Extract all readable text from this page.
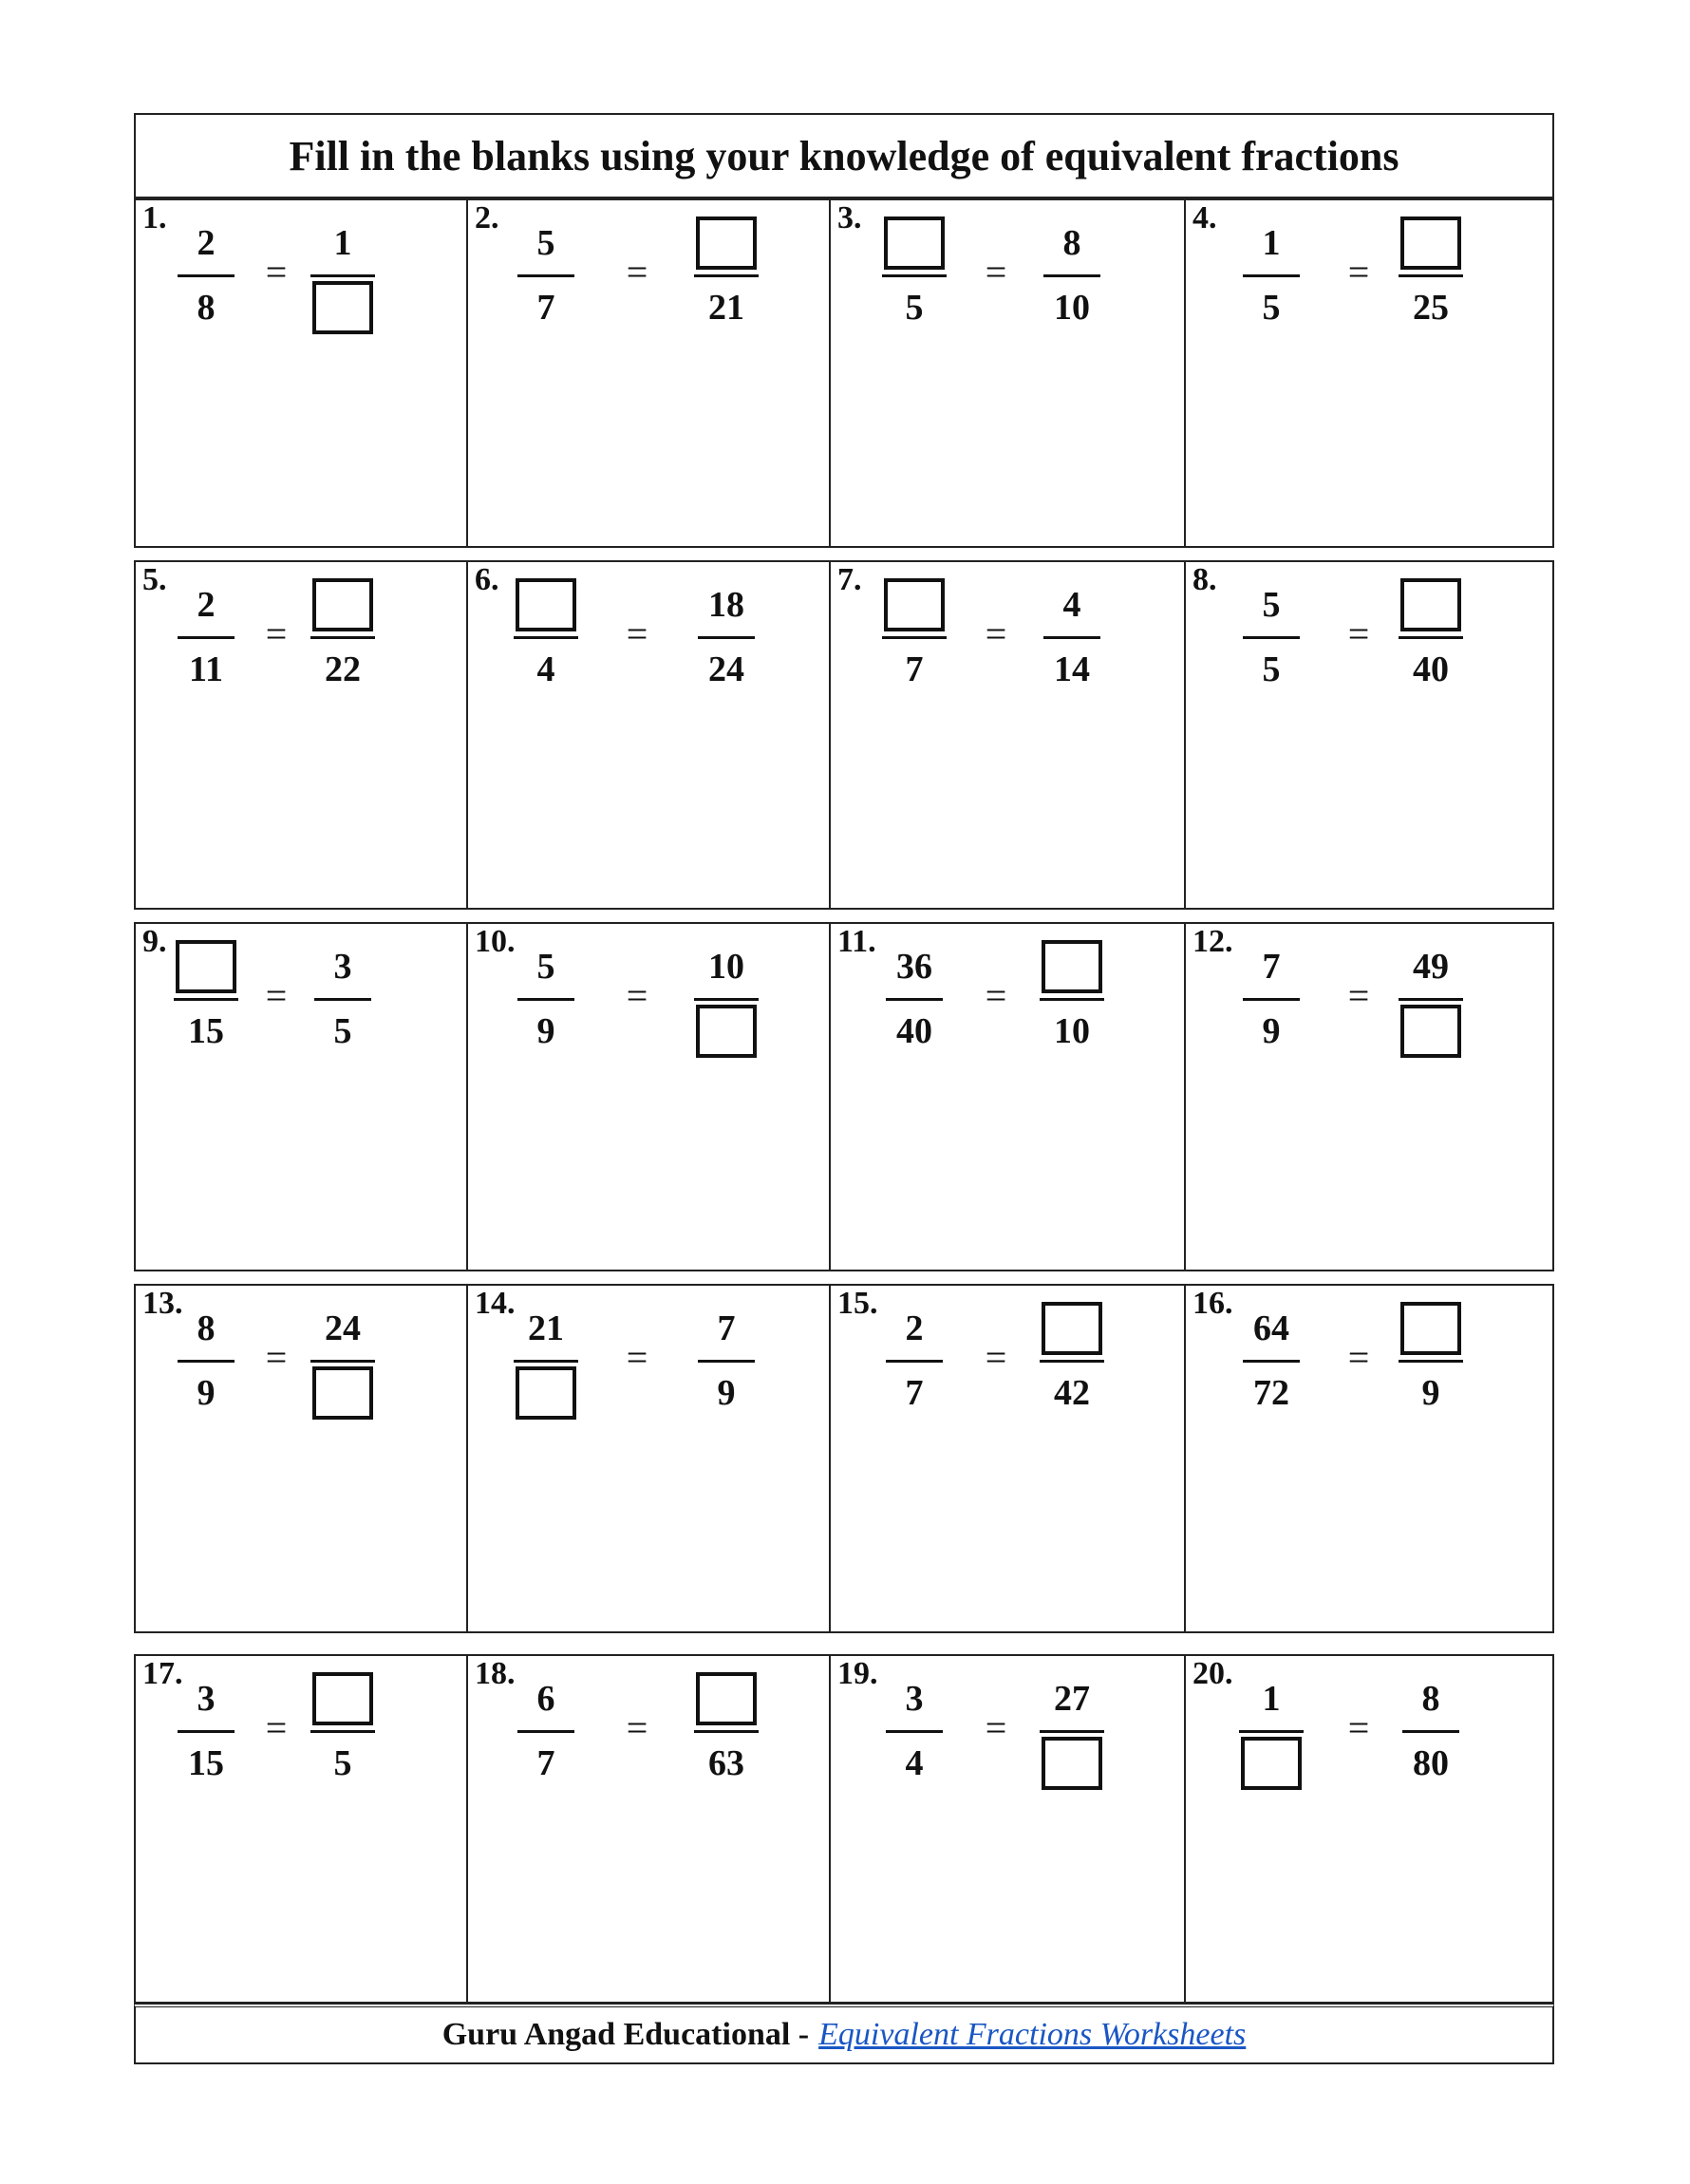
Fill in the blanks using your knowledge of equivalent fractions
1.
2
8
=
1
2.
5
7
=
21
3.
5
=
8
10
4.
1
5
=
25
5.
2
11
=
22
6.
4
=
18
24
7.
7
=
4
14
8.
5
5
=
40
9.
15
=
3
5
10.
5
9
=
10
11.
36
40
=
10
12.
7
9
=
49
13.
8
9
=
24
14.
21
=
7
9
15.
2
7
=
42
16.
64
72
=
9
17.
3
15
=
5
18.
6
7
=
63
19.
3
4
=
27
20.
1
=
8
80
Guru Angad Educational - Equivalent Fractions Worksheets
